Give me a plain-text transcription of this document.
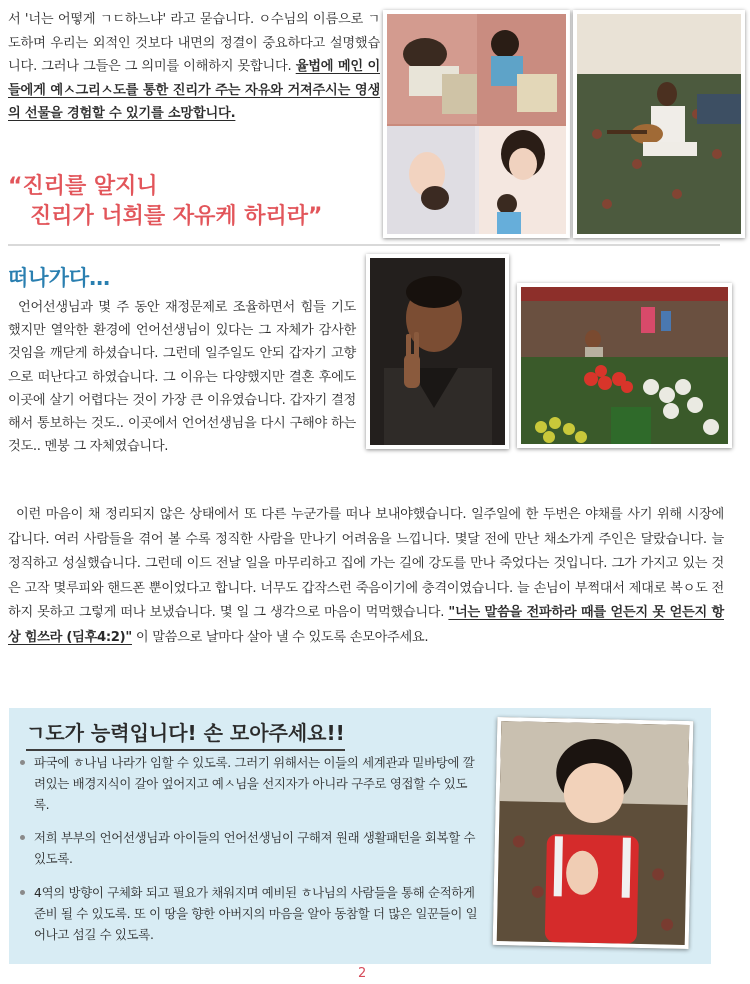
서 '너는 어떻게 ㄱㄷ하느냐' 라고 묻습니다. ㅇ수님의 이름으로 ㄱ도하며 우리는 외적인 것보다 내면의 정결이 중요하다고 설명했습니다. 그러나 그들은 그 의미를 이해하지 못합니다. 율법에 메인 이들에게 예ㅅ그리ㅅ도를 통한 진리가 주는 자유와 거져주시는 영생의 선물을 경험할 수 있기를 소망합니다.
“진리를 알지니
진리가 너희를 자유케 하리라”
떠나가다…
언어선생님과 몇 주 동안 재정문제로 조율하면서 힘들 기도했지만 열악한 환경에 언어선생님이 있다는 그 자체가 감사한 것임을 깨닫게 하셨습니다. 그런데 일주일도 안되 갑자기 고향으로 떠난다고 하였습니다. 그 이유는 다양했지만 결혼 후에도 이곳에 살기 어렵다는 것이 가장 큰 이유였습니다. 갑자기 결정해서 통보하는 것도.. 이곳에서 언어선생님을 다시 구해야 하는 것도.. 멘붕 그 자체였습니다.
이런 마음이 채 정리되지 않은 상태에서 또 다른 누군가를 떠나 보내야했습니다. 일주일에 한 두번은 야채를 사기 위해 시장에 갑니다. 여러 사람들을 겪어 볼 수록 정직한 사람을 만나기 어려움을 느낍니다. 몇달 전에 만난 채소가게 주인은 달랐습니다. 늘 정직하고 성실했습니다. 그런데 이드 전날 일을 마무리하고 집에 가는 길에 강도를 만나 죽었다는 것입니다. 그가 가지고 있는 것은 고작 몇루피와 핸드폰 뿐이었다고 합니다. 너무도 갑작스런 죽음이기에 충격이였습니다. 늘 손님이 부쩍대서 제대로 복ㅇ도 전하지 못하고 그렇게 떠나 보냈습니다. 몇 일 그 생각으로 마음이 먹먹했습니다. "너는 말씀을 전파하라 때를 얻든지 못 얻든지 항상 힘쓰라 (딤후4:2)" 이 말씀으로 날마다 살아 낼 수 있도록 손모아주세요.
ㄱ도가 능력입니다! 손 모아주세요!!
파국에 ㅎ나님 나라가 임할 수 있도록. 그러기 위해서는 이들의 세계관과 밑바탕에 깔려있는 배경지식이 갈아 엎어지고 예ㅅ님을 선지자가 아니라 구주로 영접할 수 있도록.
저희 부부의 언어선생님과 아이들의 언어선생님이 구해져 원래 생활패턴을 회복할 수 있도록.
4역의 방향이 구체화 되고 필요가 채워지며 예비된 ㅎ나님의 사람들을 통해 순적하게 준비 될 수 있도록. 또 이 땅을 향한 아버지의 마음을 알아 동참할 더 많은 일꾼들이 일어나고 섬길 수 있도록.
2
